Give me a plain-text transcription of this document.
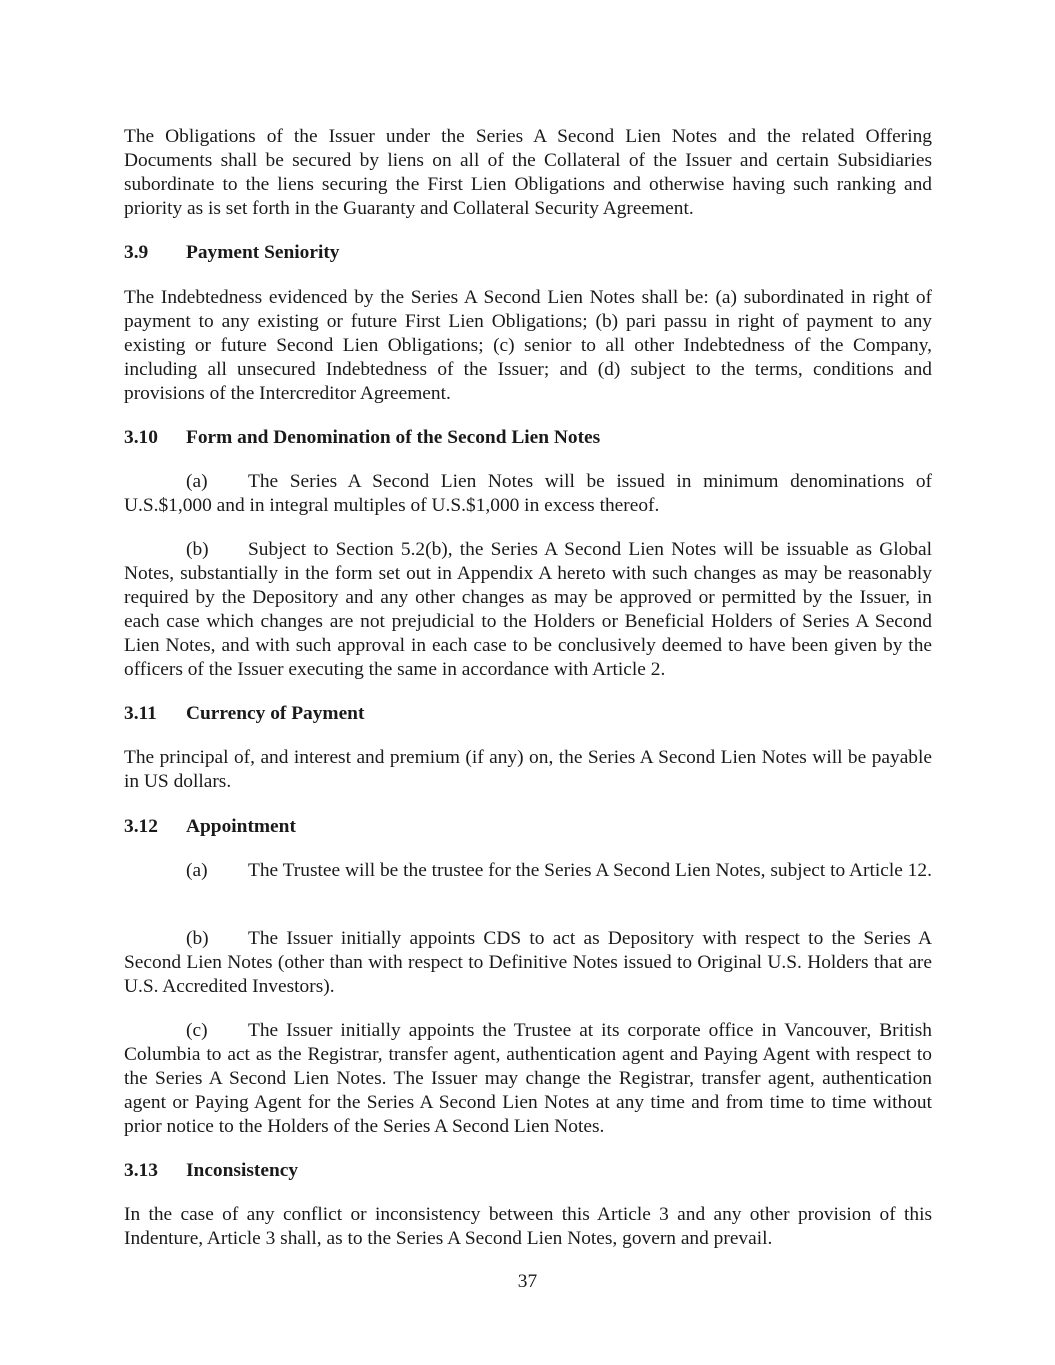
The Obligations of the Issuer under the Series A Second Lien Notes and the related Offering Documents shall be secured by liens on all of the Collateral of the Issuer and certain Subsidiaries subordinate to the liens securing the First Lien Obligations and otherwise having such ranking and priority as is set forth in the Guaranty and Collateral Security Agreement.

3.9 Payment Seniority

The Indebtedness evidenced by the Series A Second Lien Notes shall be: (a) subordinated in right of payment to any existing or future First Lien Obligations; (b) pari passu in right of payment to any existing or future Second Lien Obligations; (c) senior to all other Indebtedness of the Company, including all unsecured Indebtedness of the Issuer; and (d) subject to the terms, conditions and provisions of the Intercreditor Agreement.

3.10 Form and Denomination of the Second Lien Notes

(a) The Series A Second Lien Notes will be issued in minimum denominations of U.S.$1,000 and in integral multiples of U.S.$1,000 in excess thereof.

(b) Subject to Section 5.2(b), the Series A Second Lien Notes will be issuable as Global Notes, substantially in the form set out in Appendix A hereto with such changes as may be reasonably required by the Depository and any other changes as may be approved or permitted by the Issuer, in each case which changes are not prejudicial to the Holders or Beneficial Holders of Series A Second Lien Notes, and with such approval in each case to be conclusively deemed to have been given by the officers of the Issuer executing the same in accordance with Article 2.

3.11 Currency of Payment

The principal of, and interest and premium (if any) on, the Series A Second Lien Notes will be payable in US dollars.

3.12 Appointment

(a) The Trustee will be the trustee for the Series A Second Lien Notes, subject to Article 12.

(b) The Issuer initially appoints CDS to act as Depository with respect to the Series A Second Lien Notes (other than with respect to Definitive Notes issued to Original U.S. Holders that are U.S. Accredited Investors).

(c) The Issuer initially appoints the Trustee at its corporate office in Vancouver, British Columbia to act as the Registrar, transfer agent, authentication agent and Paying Agent with respect to the Series A Second Lien Notes. The Issuer may change the Registrar, transfer agent, authentication agent or Paying Agent for the Series A Second Lien Notes at any time and from time to time without prior notice to the Holders of the Series A Second Lien Notes.

3.13 Inconsistency

In the case of any conflict or inconsistency between this Article 3 and any other provision of this Indenture, Article 3 shall, as to the Series A Second Lien Notes, govern and prevail.

37
